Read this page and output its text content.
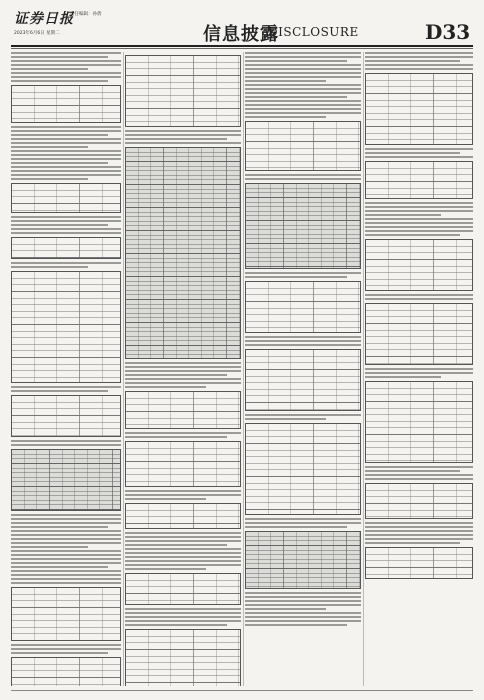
证券日报
2023年6月6日 星期二
责任编辑：孙倩
信息披露
DISCLOSURE	D33
